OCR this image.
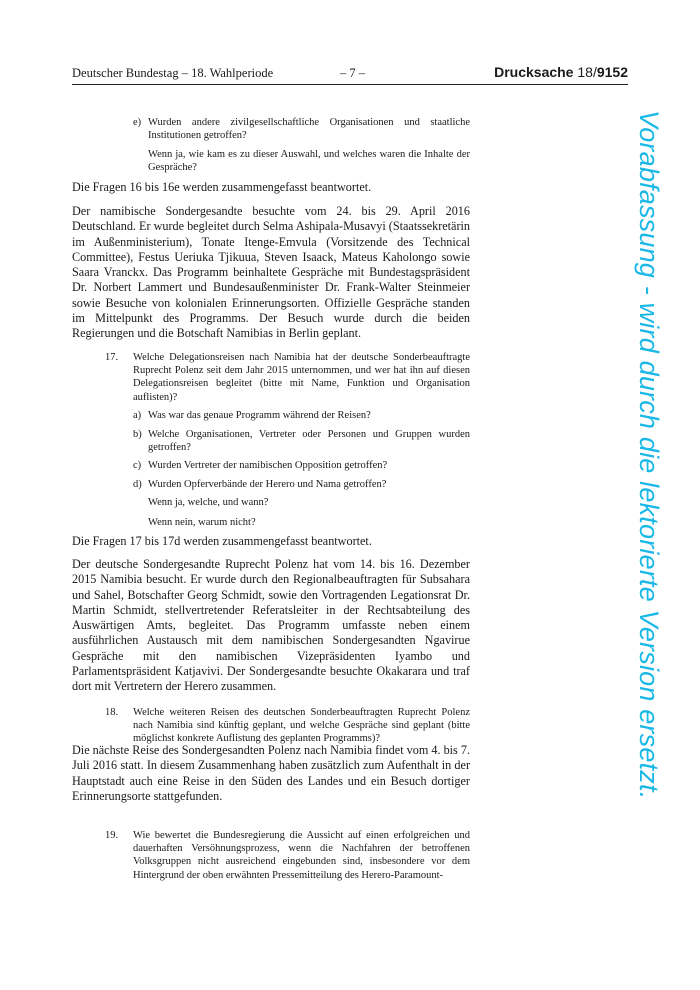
Deutscher Bundestag – 18. Wahlperiode	– 7 –	Drucksache 18/9152
Vorabfassung - wird durch die lektorierte Version ersetzt.
e) Wurden andere zivilgesellschaftliche Organisationen und staatliche Institutionen getroffen?
Wenn ja, wie kam es zu dieser Auswahl, und welches waren die Inhalte der Gespräche?
Die Fragen 16 bis 16e werden zusammengefasst beantwortet.
Der namibische Sondergesandte besuchte vom 24. bis 29. April 2016 Deutschland. Er wurde begleitet durch Selma Ashipala-Musavyi (Staatssekretärin im Außenministerium), Tonate Itenge-Emvula (Vorsitzende des Technical Committee), Festus Ueriuka Tjikuua, Steven Isaack, Mateus Kaholongo sowie Saara Vranckx. Das Programm beinhaltete Gespräche mit Bundestagspräsident Dr. Norbert Lammert und Bundesaußenminister Dr. Frank-Walter Steinmeier sowie Besuche von kolonialen Erinnerungsorten. Offizielle Gespräche standen im Mittelpunkt des Programms. Der Besuch wurde durch die beiden Regierungen und die Botschaft Namibias in Berlin geplant.
17. Welche Delegationsreisen nach Namibia hat der deutsche Sonderbeauftragte Ruprecht Polenz seit dem Jahr 2015 unternommen, und wer hat ihn auf diesen Delegationsreisen begleitet (bitte mit Name, Funktion und Organisation auflisten)?
a) Was war das genaue Programm während der Reisen?
b) Welche Organisationen, Vertreter oder Personen und Gruppen wurden getroffen?
c) Wurden Vertreter der namibischen Opposition getroffen?
d) Wurden Opferverbände der Herero und Nama getroffen?
Wenn ja, welche, und wann?
Wenn nein, warum nicht?
Die Fragen 17 bis 17d werden zusammengefasst beantwortet.
Der deutsche Sondergesandte Ruprecht Polenz hat vom 14. bis 16. Dezember 2015 Namibia besucht. Er wurde durch den Regionalbeauftragten für Subsahara und Sahel, Botschafter Georg Schmidt, sowie den Vortragenden Legationsrat Dr. Martin Schmidt, stellvertretender Referatsleiter in der Rechtsabteilung des Auswärtigen Amts, begleitet. Das Programm umfasste neben einem ausführlichen Austausch mit dem namibischen Sondergesandten Ngavirue Gespräche mit den namibischen Vizepräsidenten Iyambo und Parlamentspräsident Katjavivi. Der Sondergesandte besuchte Okakarara und traf dort mit Vertretern der Herero zusammen.
18. Welche weiteren Reisen des deutschen Sonderbeauftragten Ruprecht Polenz nach Namibia sind künftig geplant, und welche Gespräche sind geplant (bitte möglichst konkrete Auflistung des geplanten Programms)?
Die nächste Reise des Sondergesandten Polenz nach Namibia findet vom 4. bis 7. Juli 2016 statt. In diesem Zusammenhang haben zusätzlich zum Aufenthalt in der Hauptstadt auch eine Reise in den Süden des Landes und ein Besuch dortiger Erinnerungsorte stattgefunden.
19. Wie bewertet die Bundesregierung die Aussicht auf einen erfolgreichen und dauerhaften Versöhnungsprozess, wenn die Nachfahren der betroffenen Volksgruppen nicht ausreichend eingebunden sind, insbesondere vor dem Hintergrund der oben erwähnten Pressemitteilung des Herero-Paramount-
